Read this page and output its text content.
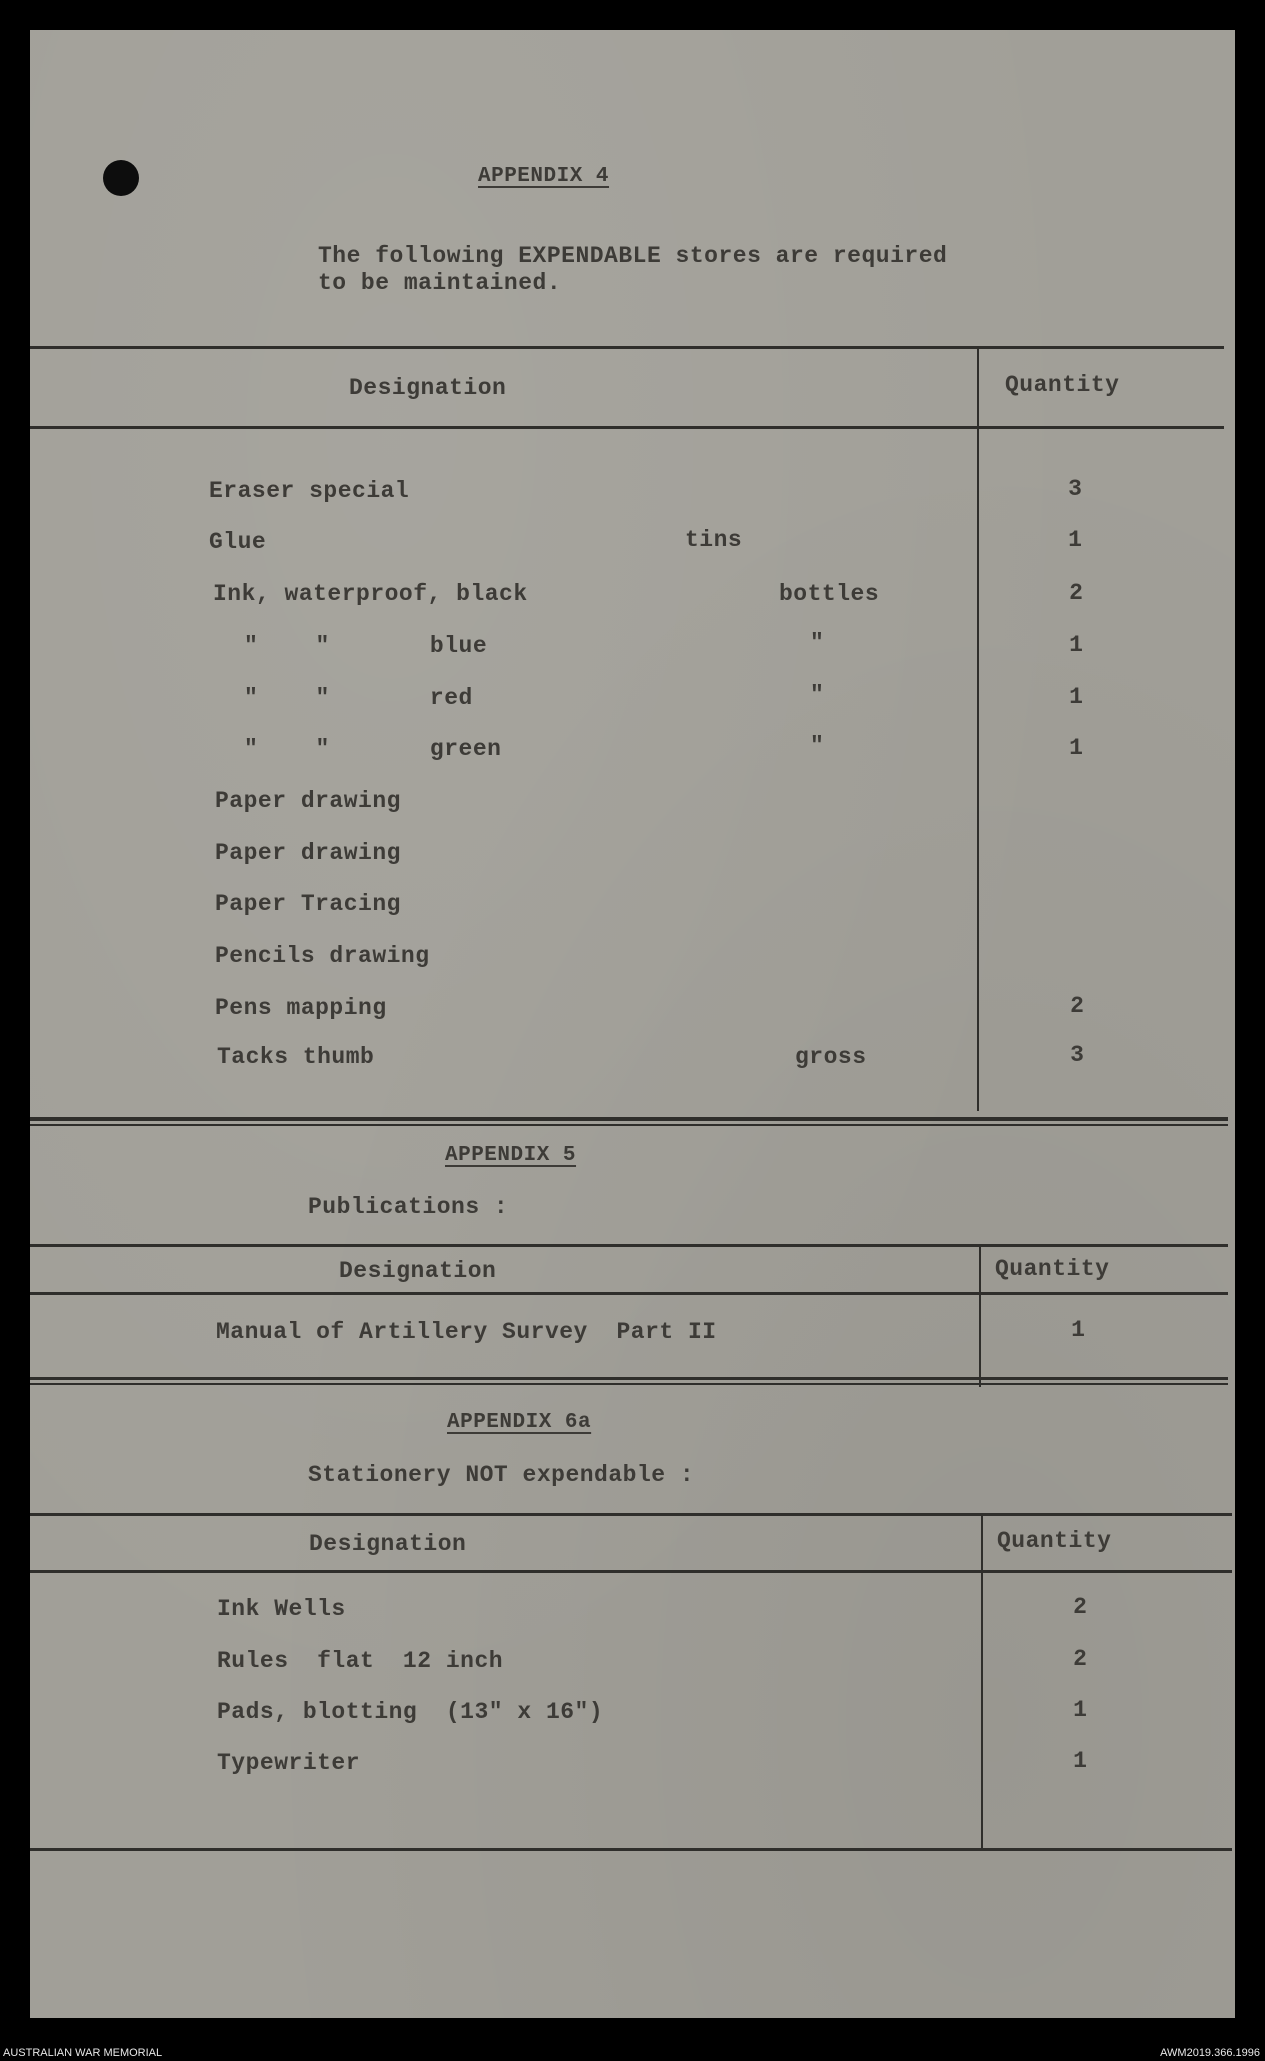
APPENDIX 4
The following EXPENDABLE stores are required
to be maintained.
Designation	Quantity
Eraser special	3
Glue	tins	1
Ink, waterproof, black	bottles	2
"    "       blue	"	1
"    "       red	"	1
"    "       green	"	1
Paper drawing
Paper drawing
Paper Tracing
Pencils drawing
Pens mapping	2
Tacks thumb	gross	3
APPENDIX 5
Publications :
Designation	Quantity
Manual of Artillery Survey  Part II	1
APPENDIX 6a
Stationery NOT expendable :
Designation	Quantity
Ink Wells	2
Rules  flat  12 inch	2
Pads, blotting  (13" x 16")	1
Typewriter	1
AUSTRALIAN WAR MEMORIAL	AWM2019.366.1996
